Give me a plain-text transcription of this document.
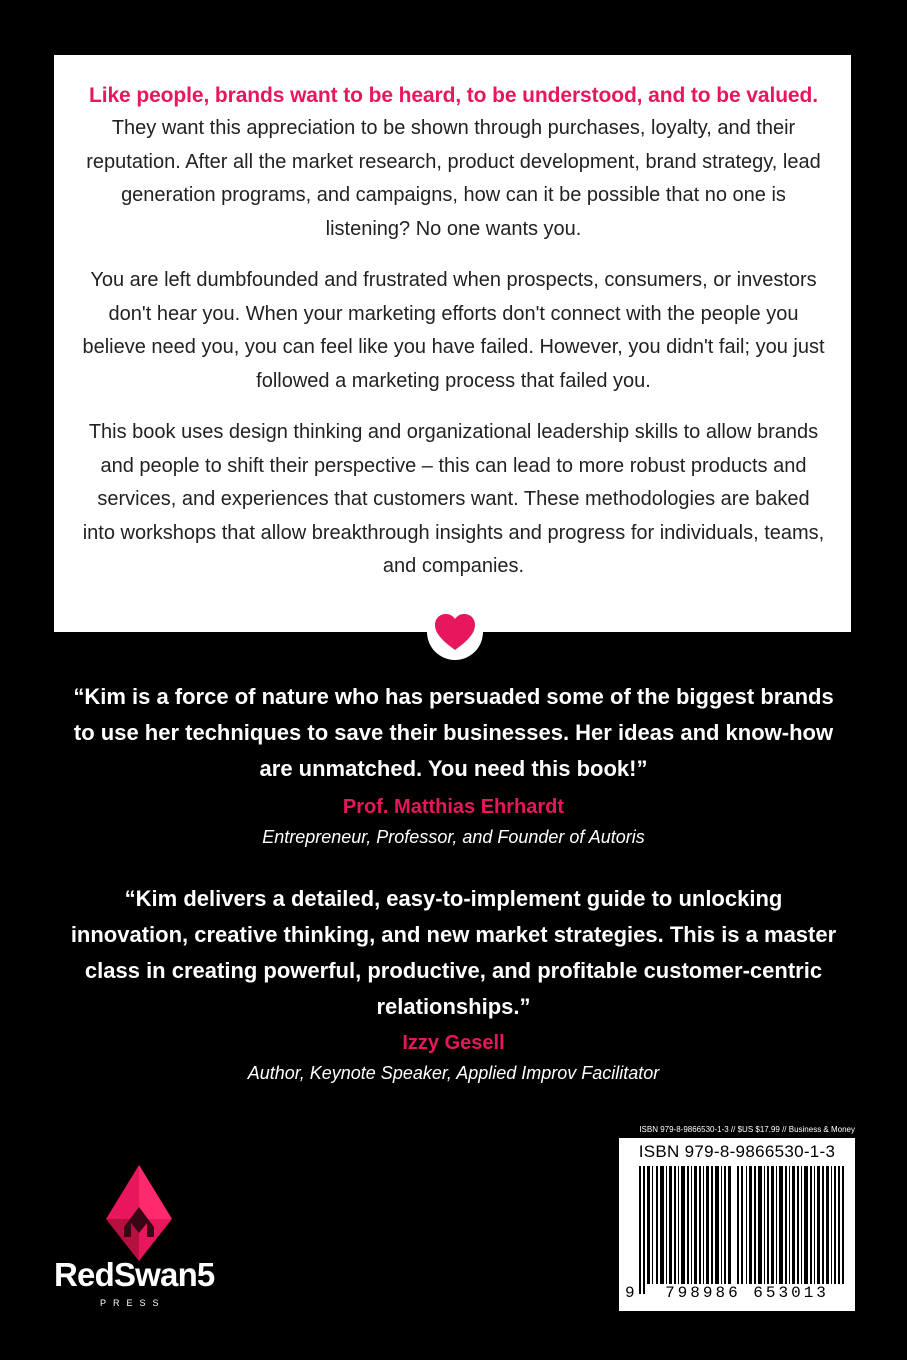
Like people, brands want to be heard, to be understood, and to be valued.

They want this appreciation to be shown through purchases, loyalty, and their reputation. After all the market research, product development, brand strategy, lead generation programs, and campaigns, how can it be possible that no one is listening? No one wants you.

You are left dumbfounded and frustrated when prospects, consumers, or investors don't hear you. When your marketing efforts don't connect with the people you believe need you, you can feel like you have failed. However, you didn't fail; you just followed a marketing process that failed you.

This book uses design thinking and organizational leadership skills to allow brands and people to shift their perspective – this can lead to more robust products and services, and experiences that customers want. These methodologies are baked into workshops that allow breakthrough insights and progress for individuals, teams, and companies.

“Kim is a force of nature who has persuaded some of the biggest brands to use her techniques to save their businesses. Her ideas and know-how are unmatched. You need this book!”

Prof. Matthias Ehrhardt
Entrepreneur, Professor, and Founder of Autoris

“Kim delivers a detailed, easy-to-implement guide to unlocking innovation, creative thinking, and new market strategies. This is a master class in creating powerful, productive, and profitable customer-centric relationships.”

Izzy Gesell
Author, Keynote Speaker, Applied Improv Facilitator
RedSwan5
PRESS
ISBN 979-8-9866530-1-3 // $US $17.99 // Business & Money
ISBN 979-8-9866530-1-3
9	798986 653013
